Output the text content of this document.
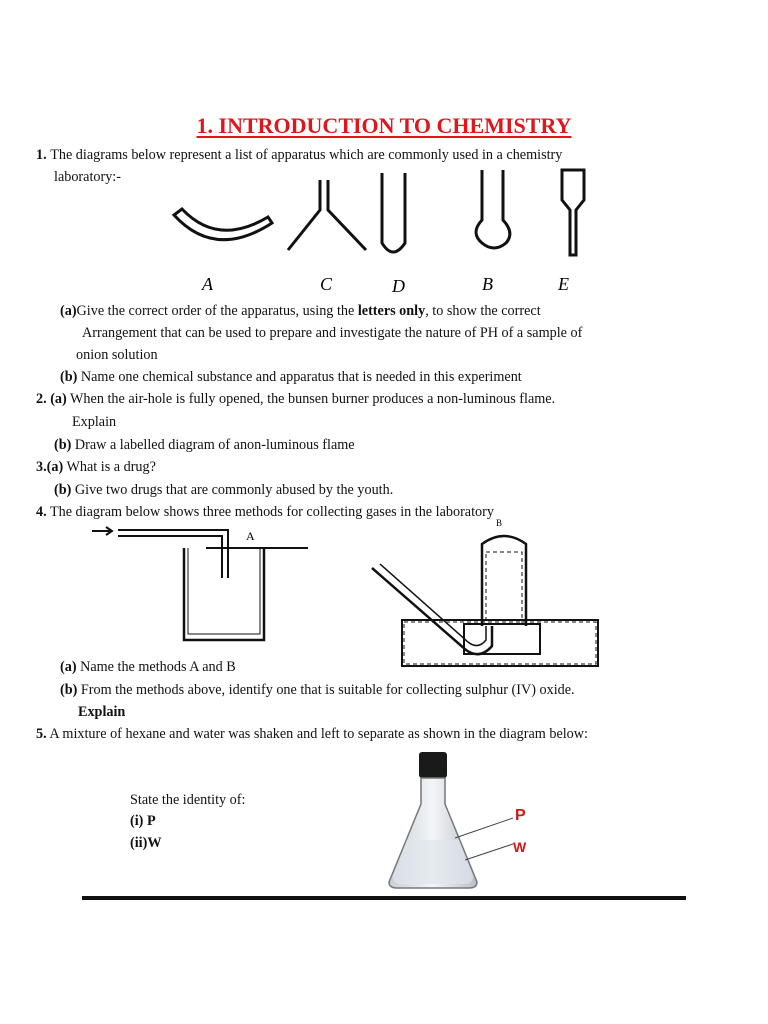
1. INTRODUCTION TO CHEMISTRY
1. The diagrams below represent a list of apparatus which are commonly used in a chemistry
laboratory:-
A	C	D	B	E
(a)Give the correct order of the apparatus, using the letters only, to show the correct
Arrangement that can be used to prepare and investigate the nature of PH of a sample of
onion solution
(b) Name one chemical substance and apparatus that is needed in this experiment
2. (a) When the air-hole is fully opened, the bunsen burner produces a non-luminous flame.
Explain
(b) Draw a labelled diagram of anon-luminous flame
3.(a) What is a drug?
(b) Give two drugs that are commonly abused by the youth.
4. The diagram below shows three methods for collecting gases in the laboratory
A
B
(a) Name the methods A and B
(b) From the methods above, identify one that is suitable for collecting sulphur (IV) oxide.
Explain
5. A mixture of hexane and water was shaken and left to separate as shown in the diagram below:
State the identity of:
(i) P
(ii)W
P
W
